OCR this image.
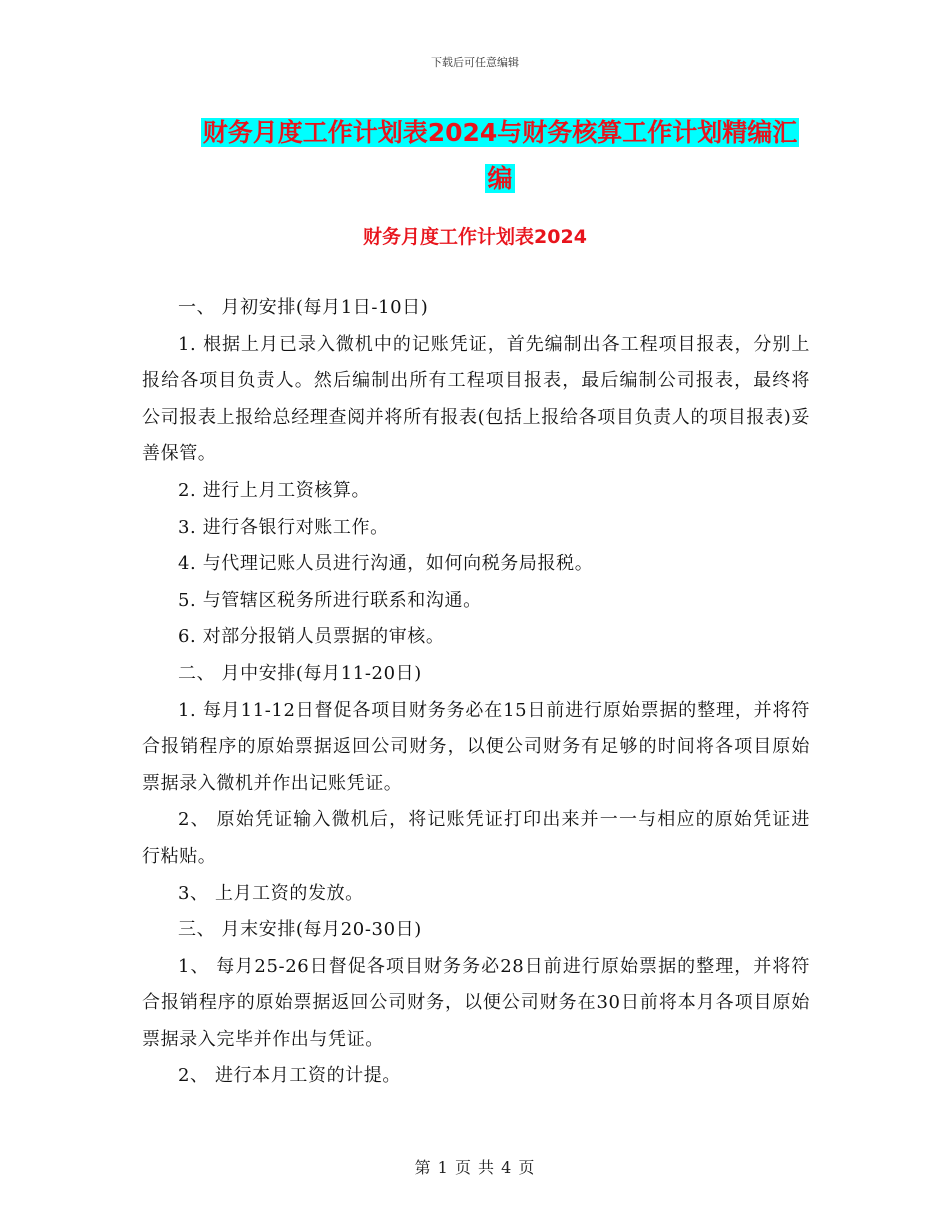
下载后可任意编辑
财务月度工作计划表2024与财务核算工作计划精编汇
编
财务月度工作计划表2024

一、 月初安排(每月1日-10日)

1. 根据上月已录入微机中的记账凭证，首先编制出各工程项目报表，分别上报给各项目负责人。然后编制出所有工程项目报表，最后编制公司报表，最终将公司报表上报给总经理查阅并将所有报表(包括上报给各项目负责人的项目报表)妥善保管。

2. 进行上月工资核算。

3. 进行各银行对账工作。

4. 与代理记账人员进行沟通，如何向税务局报税。

5. 与管辖区税务所进行联系和沟通。

6. 对部分报销人员票据的审核。

二、 月中安排(每月11-20日)

1. 每月11-12日督促各项目财务务必在15日前进行原始票据的整理，并将符合报销程序的原始票据返回公司财务，以便公司财务有足够的时间将各项目原始票据录入微机并作出记账凭证。

2、 原始凭证输入微机后，将记账凭证打印出来并一一与相应的原始凭证进行粘贴。

3、 上月工资的发放。

三、 月末安排(每月20-30日)

1、 每月25-26日督促各项目财务务必28日前进行原始票据的整理，并将符合报销程序的原始票据返回公司财务，以便公司财务在30日前将本月各项目原始票据录入完毕并作出与凭证。

2、 进行本月工资的计提。

第 1 页 共 4 页
